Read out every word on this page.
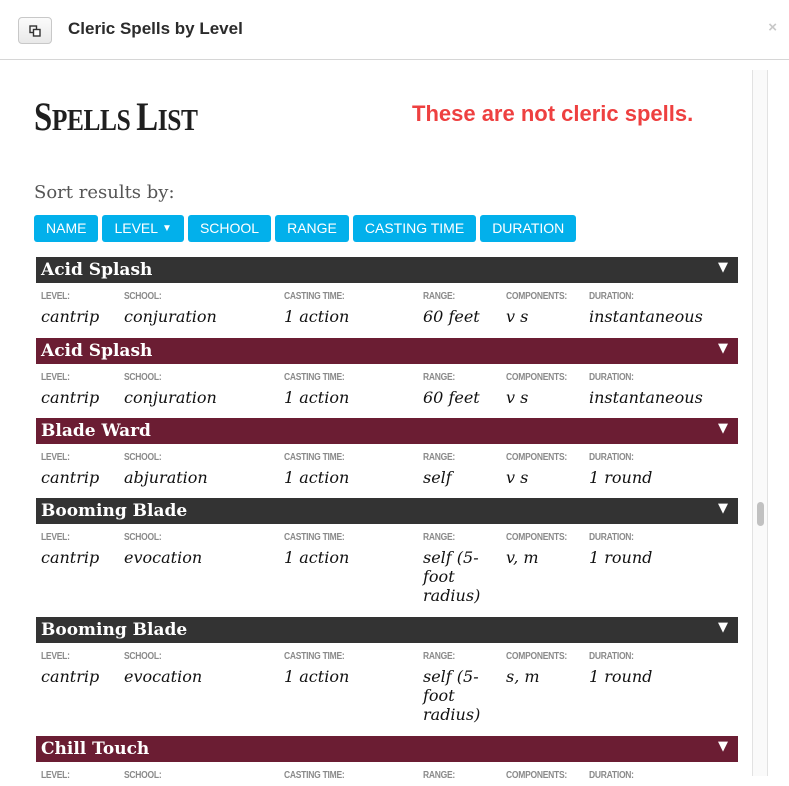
Cleric Spells by Level	×
SPELLS LIST	These are not cleric spells.
Sort results by:
NAME	LEVEL ▼	SCHOOL	RANGE	CASTING TIME	DURATION
Acid Splash	▼
LEVEL:
cantrip
SCHOOL:
conjuration
CASTING TIME:
1 action
RANGE:
60 feet
COMPONENTS:
v s
DURATION:
instantaneous
Acid Splash	▼
LEVEL:
cantrip
SCHOOL:
conjuration
CASTING TIME:
1 action
RANGE:
60 feet
COMPONENTS:
v s
DURATION:
instantaneous
Blade Ward	▼
LEVEL:
cantrip
SCHOOL:
abjuration
CASTING TIME:
1 action
RANGE:
self
COMPONENTS:
v s
DURATION:
1 round
Booming Blade	▼
LEVEL:
cantrip
SCHOOL:
evocation
CASTING TIME:
1 action
RANGE:
self (5-foot radius)
COMPONENTS:
v, m
DURATION:
1 round
Booming Blade	▼
LEVEL:
cantrip
SCHOOL:
evocation
CASTING TIME:
1 action
RANGE:
self (5-foot radius)
COMPONENTS:
s, m
DURATION:
1 round
Chill Touch	▼
LEVEL:	SCHOOL:	CASTING TIME:	RANGE:	COMPONENTS: DURATION:
